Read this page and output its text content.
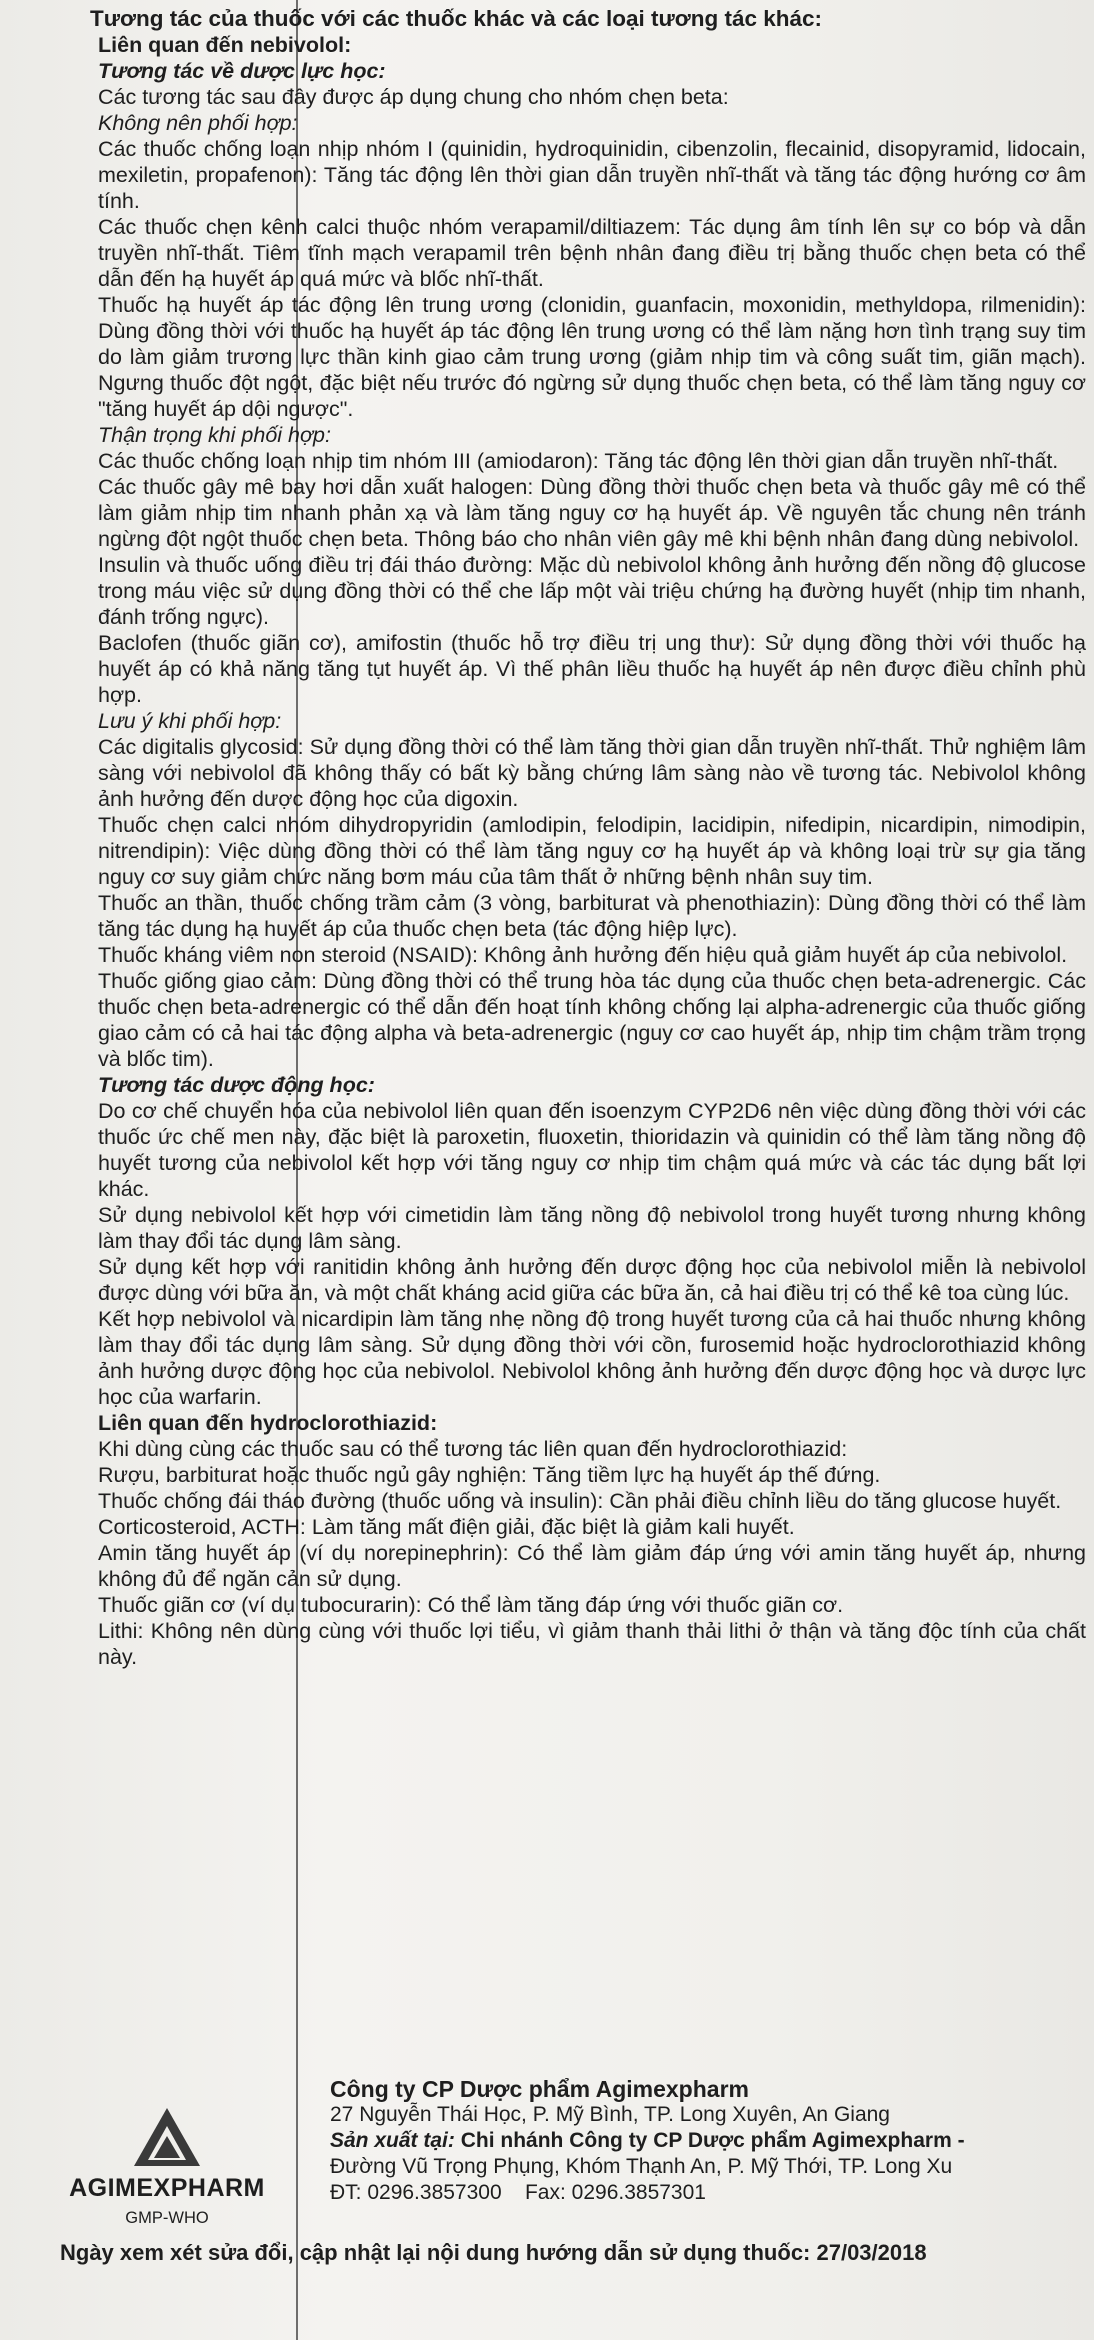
Tương tác của thuốc với các thuốc khác và các loại tương tác khác:

Liên quan đến nebivolol:

Tương tác về dược lực học:

Các tương tác sau đây được áp dụng chung cho nhóm chẹn beta:

Không nên phối hợp:

Các thuốc chống loạn nhịp nhóm I (quinidin, hydroquinidin, cibenzolin, flecainid, disopyramid, lidocain, mexiletin, propafenon): Tăng tác động lên thời gian dẫn truyền nhĩ-thất và tăng tác động hướng cơ âm tính.

Các thuốc chẹn kênh calci thuộc nhóm verapamil/diltiazem: Tác dụng âm tính lên sự co bóp và dẫn truyền nhĩ-thất. Tiêm tĩnh mạch verapamil trên bệnh nhân đang điều trị bằng thuốc chẹn beta có thể dẫn đến hạ huyết áp quá mức và blốc nhĩ-thất.

Thuốc hạ huyết áp tác động lên trung ương (clonidin, guanfacin, moxonidin, methyldopa, rilmenidin): Dùng đồng thời với thuốc hạ huyết áp tác động lên trung ương có thể làm nặng hơn tình trạng suy tim do làm giảm trương lực thần kinh giao cảm trung ương (giảm nhịp tim và công suất tim, giãn mạch). Ngưng thuốc đột ngột, đặc biệt nếu trước đó ngừng sử dụng thuốc chẹn beta, có thể làm tăng nguy cơ "tăng huyết áp dội ngược".

Thận trọng khi phối hợp:

Các thuốc chống loạn nhịp tim nhóm III (amiodaron): Tăng tác động lên thời gian dẫn truyền nhĩ-thất.

Các thuốc gây mê bay hơi dẫn xuất halogen: Dùng đồng thời thuốc chẹn beta và thuốc gây mê có thể làm giảm nhịp tim nhanh phản xạ và làm tăng nguy cơ hạ huyết áp. Về nguyên tắc chung nên tránh ngừng đột ngột thuốc chẹn beta. Thông báo cho nhân viên gây mê khi bệnh nhân đang dùng nebivolol.

Insulin và thuốc uống điều trị đái tháo đường: Mặc dù nebivolol không ảnh hưởng đến nồng độ glucose trong máu việc sử dụng đồng thời có thể che lấp một vài triệu chứng hạ đường huyết (nhịp tim nhanh, đánh trống ngực).

Baclofen (thuốc giãn cơ), amifostin (thuốc hỗ trợ điều trị ung thư): Sử dụng đồng thời với thuốc hạ huyết áp có khả năng tăng tụt huyết áp. Vì thế phân liều thuốc hạ huyết áp nên được điều chỉnh phù hợp.

Lưu ý khi phối hợp:

Các digitalis glycosid: Sử dụng đồng thời có thể làm tăng thời gian dẫn truyền nhĩ-thất. Thử nghiệm lâm sàng với nebivolol đã không thấy có bất kỳ bằng chứng lâm sàng nào về tương tác. Nebivolol không ảnh hưởng đến dược động học của digoxin.

Thuốc chẹn calci nhóm dihydropyridin (amlodipin, felodipin, lacidipin, nifedipin, nicardipin, nimodipin, nitrendipin): Việc dùng đồng thời có thể làm tăng nguy cơ hạ huyết áp và không loại trừ sự gia tăng nguy cơ suy giảm chức năng bơm máu của tâm thất ở những bệnh nhân suy tim.

Thuốc an thần, thuốc chống trầm cảm (3 vòng, barbiturat và phenothiazin): Dùng đồng thời có thể làm tăng tác dụng hạ huyết áp của thuốc chẹn beta (tác động hiệp lực).

Thuốc kháng viêm non steroid (NSAID): Không ảnh hưởng đến hiệu quả giảm huyết áp của nebivolol.

Thuốc giống giao cảm: Dùng đồng thời có thể trung hòa tác dụng của thuốc chẹn beta-adrenergic. Các thuốc chẹn beta-adrenergic có thể dẫn đến hoạt tính không chống lại alpha-adrenergic của thuốc giống giao cảm có cả hai tác động alpha và beta-adrenergic (nguy cơ cao huyết áp, nhịp tim chậm trầm trọng và blốc tim).

Tương tác dược động học:

Do cơ chế chuyển hóa của nebivolol liên quan đến isoenzym CYP2D6 nên việc dùng đồng thời với các thuốc ức chế men này, đặc biệt là paroxetin, fluoxetin, thioridazin và quinidin có thể làm tăng nồng độ huyết tương của nebivolol kết hợp với tăng nguy cơ nhịp tim chậm quá mức và các tác dụng bất lợi khác.

Sử dụng nebivolol kết hợp với cimetidin làm tăng nồng độ nebivolol trong huyết tương nhưng không làm thay đổi tác dụng lâm sàng.

Sử dụng kết hợp với ranitidin không ảnh hưởng đến dược động học của nebivolol miễn là nebivolol được dùng với bữa ăn, và một chất kháng acid giữa các bữa ăn, cả hai điều trị có thể kê toa cùng lúc.

Kết hợp nebivolol và nicardipin làm tăng nhẹ nồng độ trong huyết tương của cả hai thuốc nhưng không làm thay đổi tác dụng lâm sàng. Sử dụng đồng thời với cồn, furosemid hoặc hydroclorothiazid không ảnh hưởng dược động học của nebivolol. Nebivolol không ảnh hưởng đến dược động học và dược lực học của warfarin.

Liên quan đến hydroclorothiazid:

Khi dùng cùng các thuốc sau có thể tương tác liên quan đến hydroclorothiazid:

Rượu, barbiturat hoặc thuốc ngủ gây nghiện: Tăng tiềm lực hạ huyết áp thế đứng.

Thuốc chống đái tháo đường (thuốc uống và insulin): Cần phải điều chỉnh liều do tăng glucose huyết.

Corticosteroid, ACTH: Làm tăng mất điện giải, đặc biệt là giảm kali huyết.

Amin tăng huyết áp (ví dụ norepinephrin): Có thể làm giảm đáp ứng với amin tăng huyết áp, nhưng không đủ để ngăn cản sử dụng.

Thuốc giãn cơ (ví dụ tubocurarin): Có thể làm tăng đáp ứng với thuốc giãn cơ.

Lithi: Không nên dùng cùng với thuốc lợi tiểu, vì giảm thanh thải lithi ở thận và tăng độc tính của chất này.

AGIMEXPHARM
GMP-WHO
Công ty CP Dược phẩm Agimexpharm
27 Nguyễn Thái Học, P. Mỹ Bình, TP. Long Xuyên, An Giang
Sản xuất tại: Chi nhánh Công ty CP Dược phẩm Agimexpharm -
Đường Vũ Trọng Phụng, Khóm Thạnh An, P. Mỹ Thới, TP. Long Xu
ĐT: 0296.3857300    Fax: 0296.3857301
Ngày xem xét sửa đổi, cập nhật lại nội dung hướng dẫn sử dụng thuốc: 27/03/2018
